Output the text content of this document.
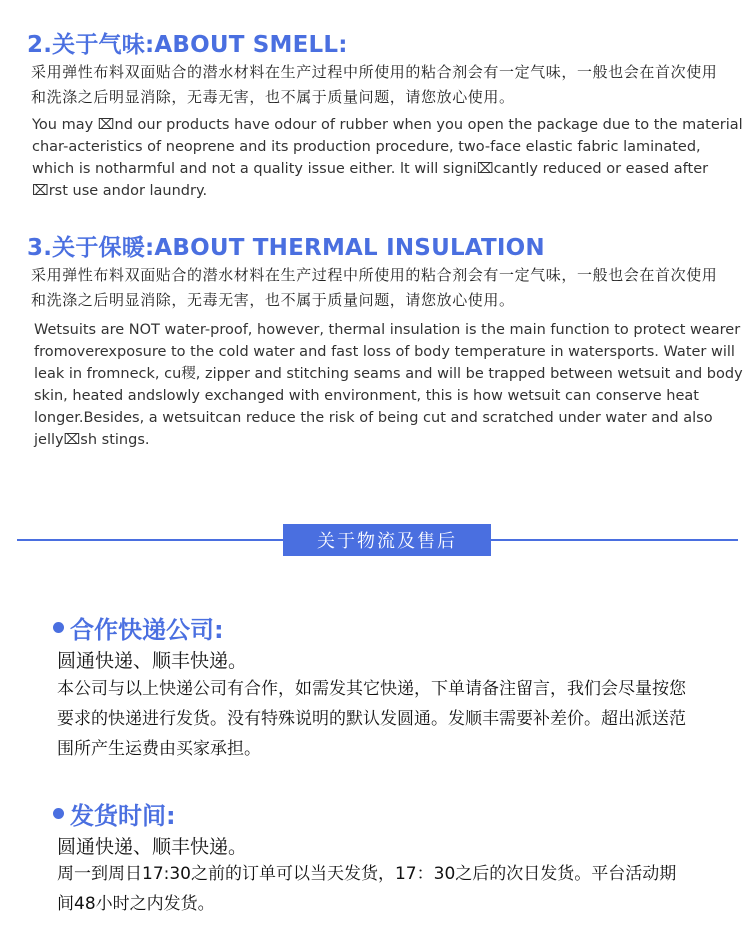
2.关于气味:ABOUT SMELL:

采用弹性布料双面贴合的潜水材料在生产过程中所使用的粘合剂会有一定气味，一般也会在首次使用和洗涤之后明显消除，无毒无害，也不属于质量问题，请您放心使用。

You may ⌧nd our products have odour of rubber when you open the package due to the material char-acteristics of neoprene and its production procedure, two-face elastic fabric laminated, which is notharmful and not a quality issue either. lt will signi⌧cantly reduced or eased after ⌧rst use andor laundry.

3.关于保暖:ABOUT THERMAL INSULATION

采用弹性布料双面贴合的潜水材料在生产过程中所使用的粘合剂会有一定气味，一般也会在首次使用和洗涤之后明显消除，无毒无害，也不属于质量问题，请您放心使用。

Wetsuits are NOT water-proof, however, thermal insulation is the main function to protect wearer fromoverexposure to the cold water and fast loss of body temperature in watersports. Water will leak in fromneck, cu稷, zipper and stitching seams and will be trapped between wetsuit and body skin, heated andslowly exchanged with environment, this is how wetsuit can conserve heat longer.Besides, a wetsuitcan reduce the risk of being cut and scratched under water and also jelly⌧sh stings.

关于物流及售后
合作快递公司:

圆通快递、顺丰快递。

本公司与以上快递公司有合作，如需发其它快递，下单请备注留言，我们会尽量按您要求的快递进行发货。没有特殊说明的默认发圆通。发顺丰需要补差价。超出派送范围所产生运费由买家承担。

发货时间:

圆通快递、顺丰快递。

周一到周日17:30之前的订单可以当天发货，17：30之后的次日发货。平台活动期间48小时之内发货。
